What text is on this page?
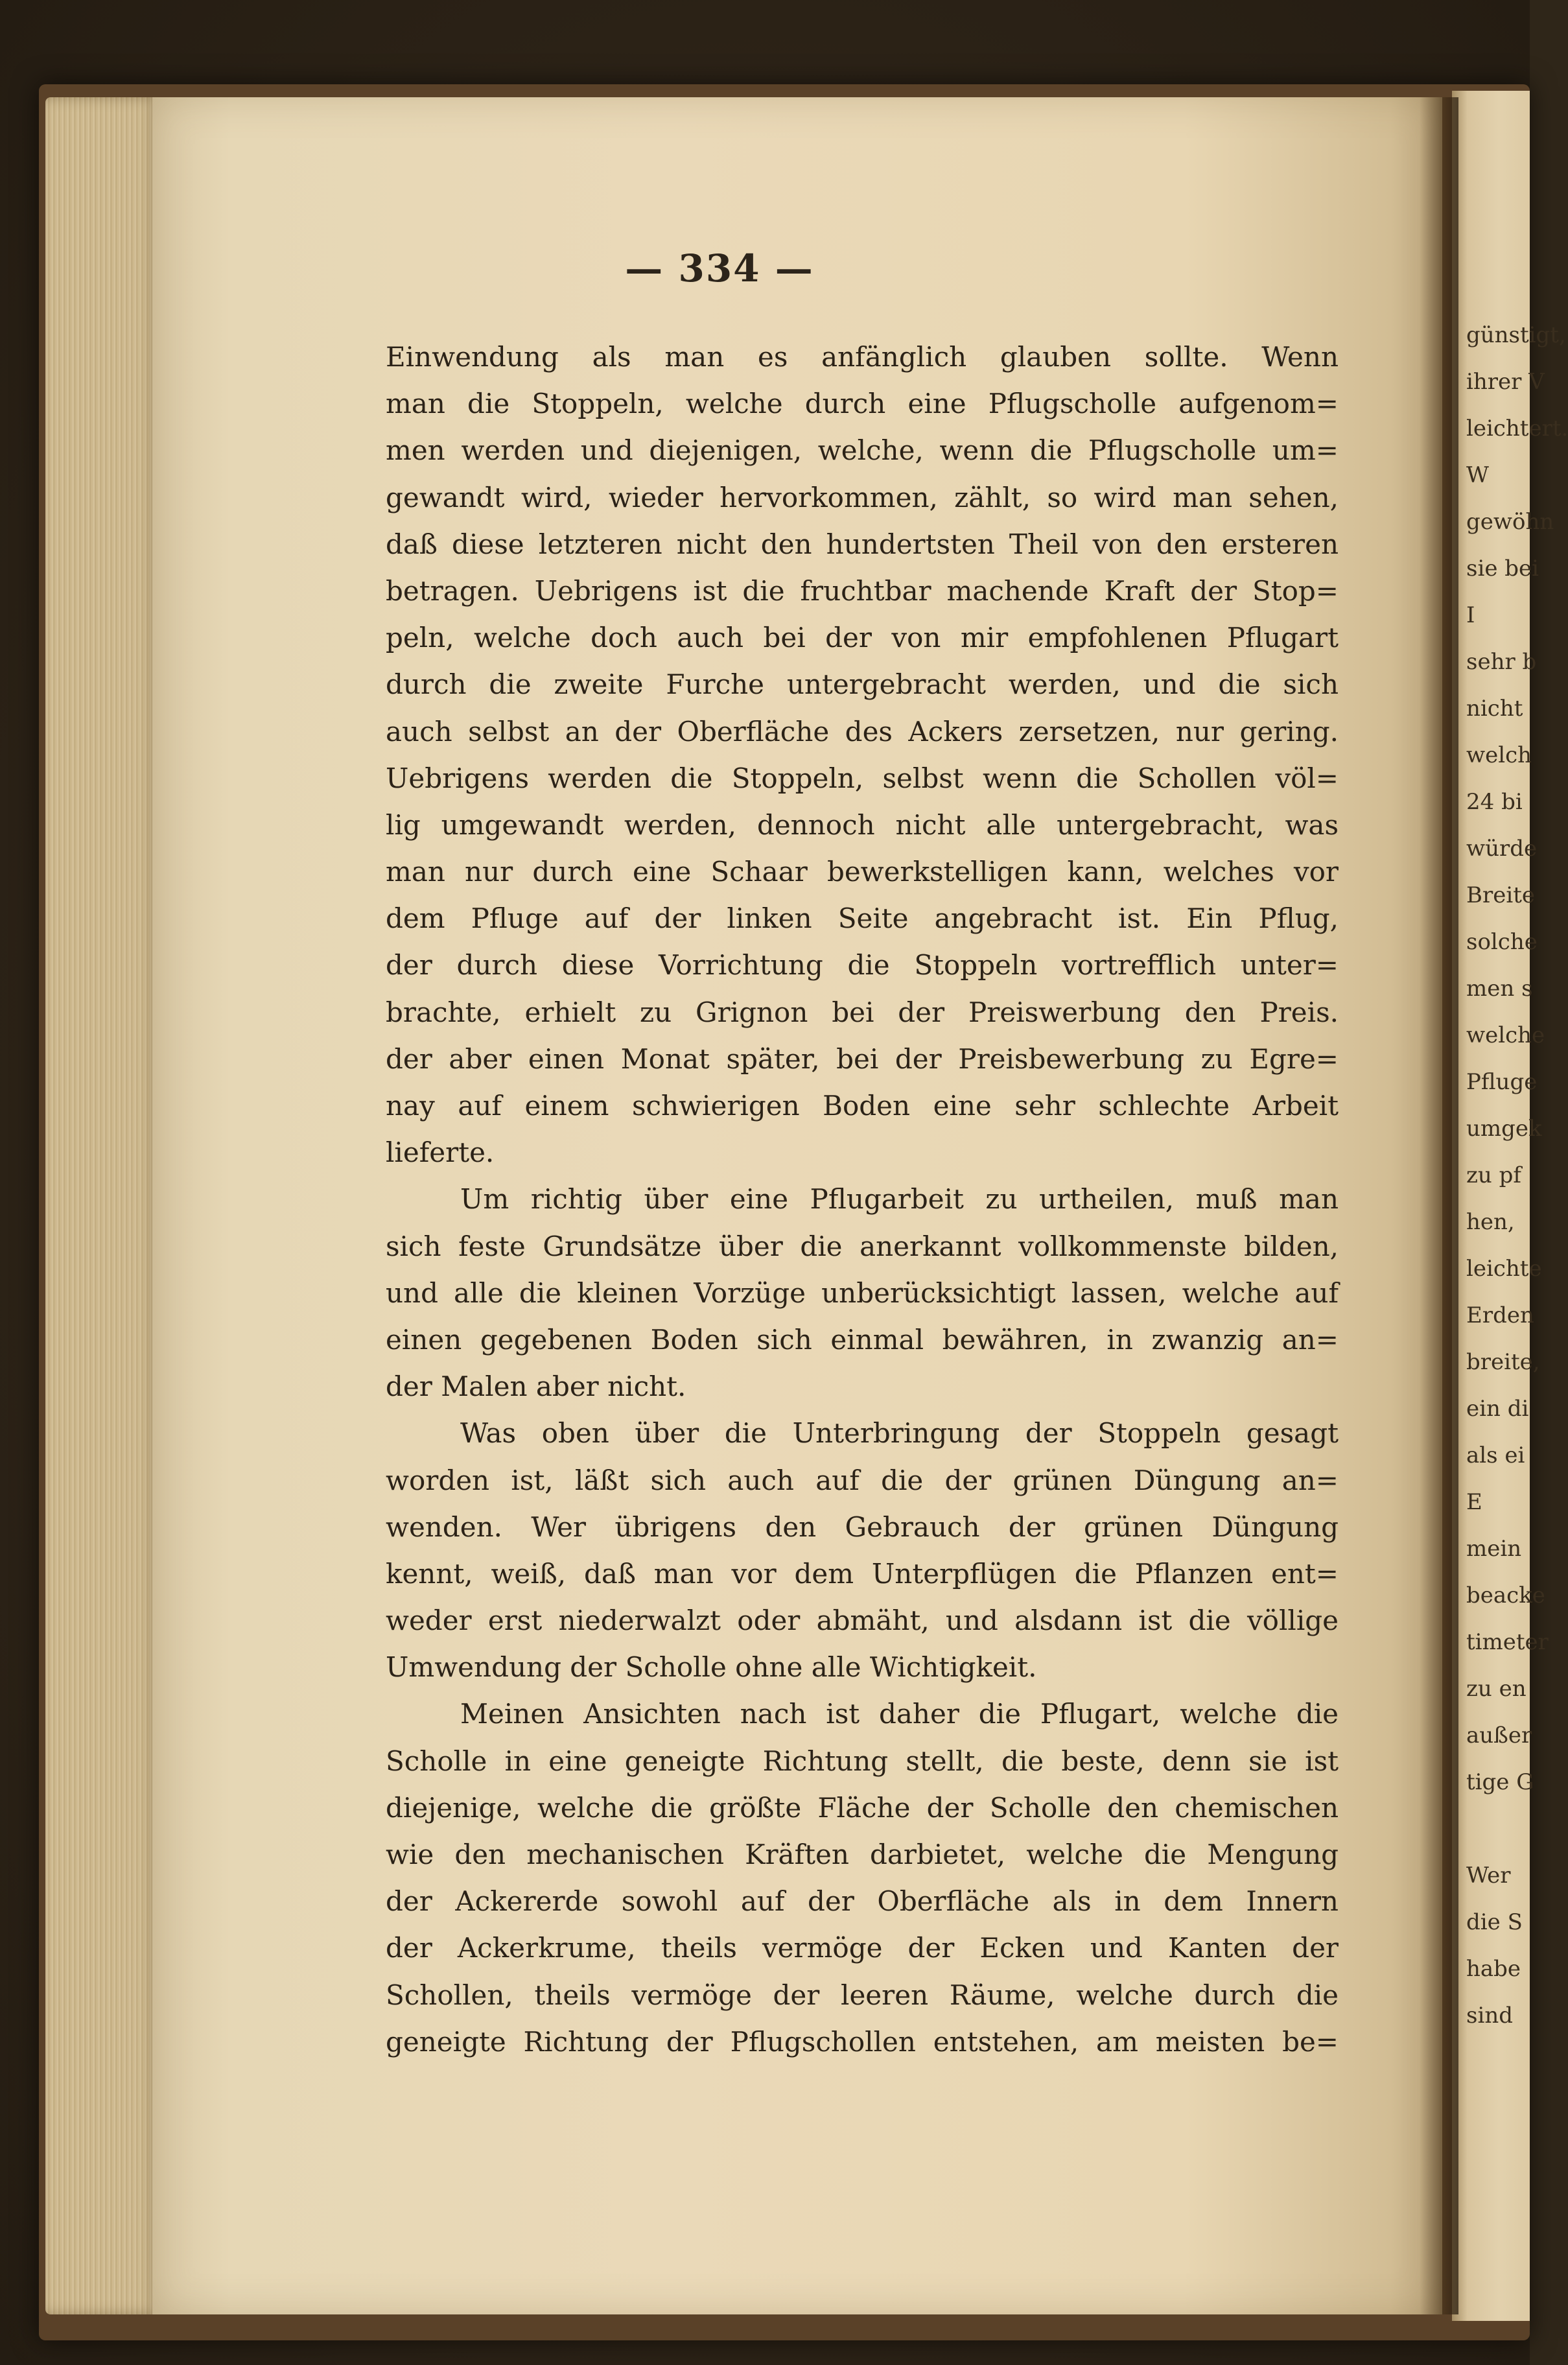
— 334 —
Einwendung als man es anfänglich glauben sollte. Wenn
man die Stoppeln, welche durch eine Pflugscholle aufgenom=
men werden und diejenigen, welche, wenn die Pflugscholle um=
gewandt wird, wieder hervorkommen, zählt, so wird man sehen,
daß diese letzteren nicht den hundertsten Theil von den ersteren
betragen. Uebrigens ist die fruchtbar machende Kraft der Stop=
peln, welche doch auch bei der von mir empfohlenen Pflugart
durch die zweite Furche untergebracht werden, und die sich
auch selbst an der Oberfläche des Ackers zersetzen, nur gering.
Uebrigens werden die Stoppeln, selbst wenn die Schollen völ=
lig umgewandt werden, dennoch nicht alle untergebracht, was
man nur durch eine Schaar bewerkstelligen kann, welches vor
dem Pfluge auf der linken Seite angebracht ist. Ein Pflug,
der durch diese Vorrichtung die Stoppeln vortrefflich unter=
brachte, erhielt zu Grignon bei der Preiswerbung den Preis.
der aber einen Monat später, bei der Preisbewerbung zu Egre=
nay auf einem schwierigen Boden eine sehr schlechte Arbeit
lieferte.
Um richtig über eine Pflugarbeit zu urtheilen, muß man
sich feste Grundsätze über die anerkannt vollkommenste bilden,
und alle die kleinen Vorzüge unberücksichtigt lassen, welche auf
einen gegebenen Boden sich einmal bewähren, in zwanzig an=
der Malen aber nicht.
Was oben über die Unterbringung der Stoppeln gesagt
worden ist, läßt sich auch auf die der grünen Düngung an=
wenden. Wer übrigens den Gebrauch der grünen Düngung
kennt, weiß, daß man vor dem Unterpflügen die Pflanzen ent=
weder erst niederwalzt oder abmäht, und alsdann ist die völlige
Umwendung der Scholle ohne alle Wichtigkeit.
Meinen Ansichten nach ist daher die Pflugart, welche die
Scholle in eine geneigte Richtung stellt, die beste, denn sie ist
diejenige, welche die größte Fläche der Scholle den chemischen
wie den mechanischen Kräften darbietet, welche die Mengung
der Ackererde sowohl auf der Oberfläche als in dem Innern
der Ackerkrume, theils vermöge der Ecken und Kanten der
Schollen, theils vermöge der leeren Räume, welche durch die
geneigte Richtung der Pflugschollen entstehen, am meisten be=
günstigt,
ihrer V
leichtert.
W
gewöhn
sie bei
I
sehr b
nicht
welch
24 bi
würde
Breite
solche
men s
welche
Pfluge
umgek
zu pf
hen,
leichte
Erden
breite,
ein di
als ei
E
mein
beacke
timeter
zu en
außer
tige G
Wer
die S
habe
sind
